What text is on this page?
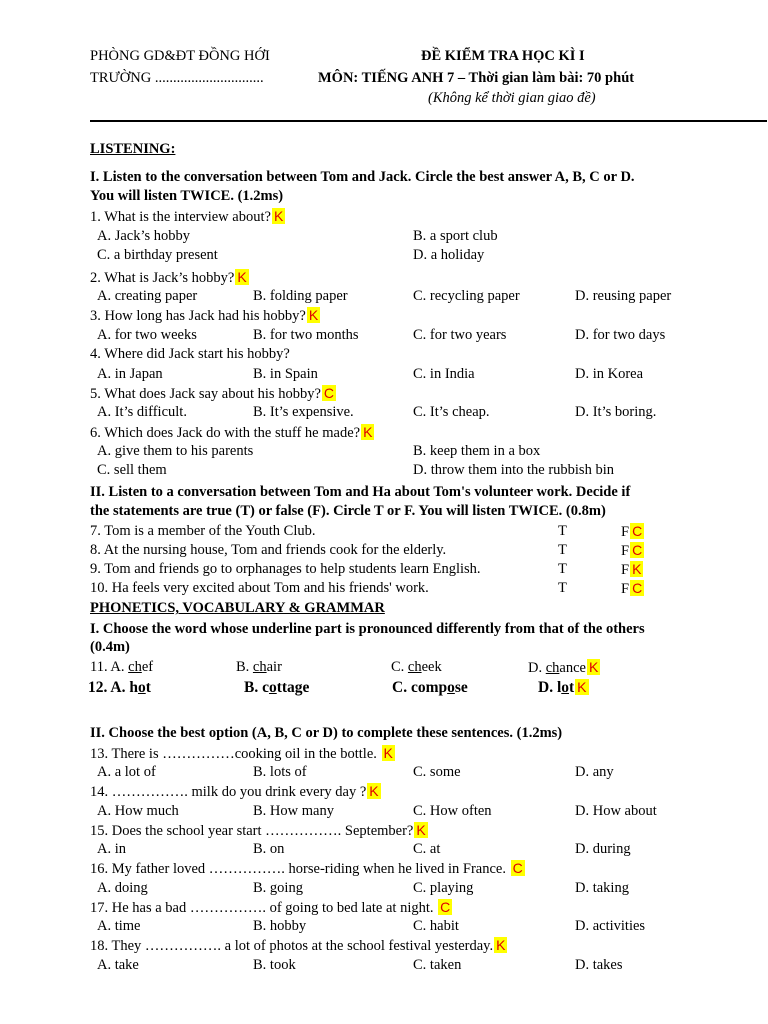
PHÒNG GD&ĐT ĐỒNG HỚI
TRƯỜNG ..............................
ĐỀ KIỂM TRA HỌC KÌ I
MÔN: TIẾNG ANH 7 – Thời gian làm bài: 70 phút
(Không kể thời gian giao đề)
LISTENING:
I. Listen to the conversation between Tom and Jack. Circle the best answer A, B, C or D.
You will listen TWICE. (1.2ms)
1. What is the interview about? K
A. Jack’s hobby	B. a sport club
C. a birthday present	D. a holiday
2. What is Jack’s hobby? K
A. creating paper	B. folding paper	C. recycling paper	D. reusing paper
3. How long has Jack had his hobby? K
A. for two weeks	B. for two months	C. for two years	D. for two days
4. Where did Jack start his hobby?
A. in Japan	B. in Spain	C. in India	D. in Korea
5. What does Jack say about his hobby? C
A. It’s difficult.	B. It’s expensive.	C. It’s cheap.	D. It’s boring.
6. Which does Jack do with the stuff he made? K
A. give them to his parents	B. keep them in a box
C. sell them	D. throw them into the rubbish bin
II. Listen to a conversation between Tom and Ha about Tom's volunteer work. Decide if
the statements are true (T) or false (F). Circle T or F. You will listen TWICE. (0.8m)
7. Tom is a member of the Youth Club.	T	F C
8. At the nursing house, Tom and friends cook for the elderly.	T	F C
9. Tom and friends go to orphanages to help students learn English.	T	F K
10. Ha feels very excited about Tom and his friends' work.	T	F C
PHONETICS, VOCABULARY & GRAMMAR
I. Choose the word whose underline part is pronounced differently from that of the others
(0.4m)
11. A. chef	B. chair	C. cheek	D. chance K
12. A. hot	B. cottage	C. compose	D. lot K
II. Choose the best option (A, B, C or D) to complete these sentences. (1.2ms)
13. There is ……………cooking oil in the bottle. K
A. a lot of	B. lots of	C. some	D. any
14. ……………. milk do you drink every day ? K
A. How much	B. How many	C. How often	D. How about
15. Does the school year start ……………. September? K
A. in	B. on	C. at	D. during
16. My father loved ……………. horse-riding when he lived in France. C
A. doing	B. going	C. playing	D. taking
17. He has a bad ……………. of going to bed late at night. C
A. time	B. hobby	C. habit	D. activities
18. They ……………. a lot of photos at the school festival yesterday. K
A. take	B. took	C. taken	D. takes
